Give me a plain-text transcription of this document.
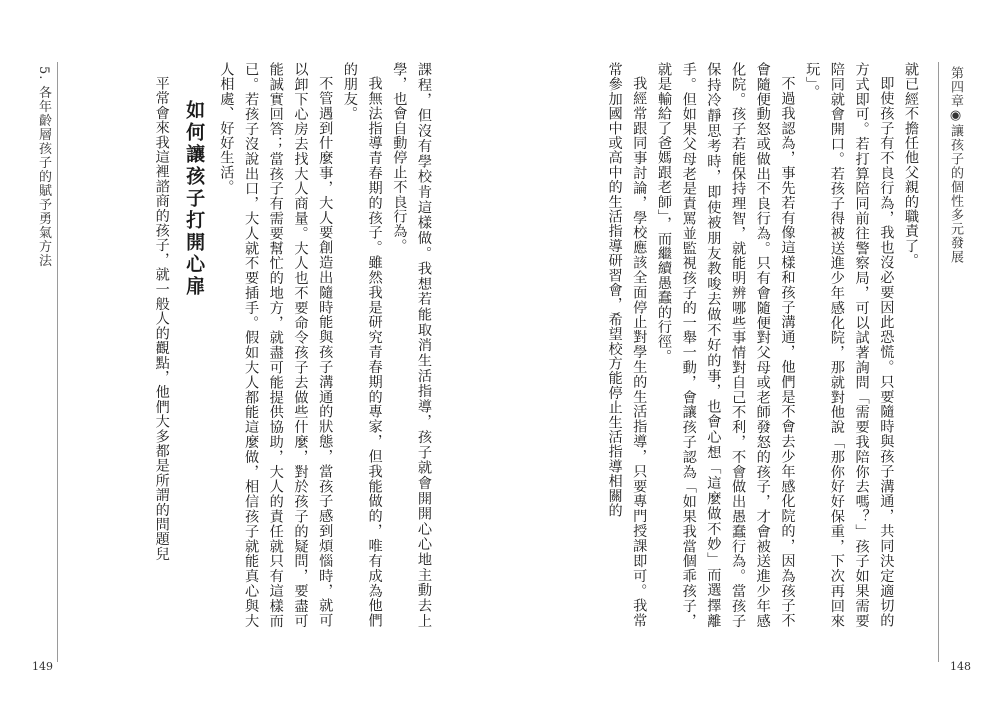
第四章◉讓孩子的個性多元發展
148

就已經不擔任他父親的職責了。

即使孩子有不良行為，我也沒必要因此恐慌。只要隨時與孩子溝通，共同決定適切的方式即可。若打算陪同前往警察局，可以試著詢問「需要我陪你去嗎？」孩子如果需要陪同就會開口。若孩子得被送進少年感化院，那就對他說「那你好好保重，下次再回來玩」。

不過我認為，事先若有像這樣和孩子溝通，他們是不會去少年感化院的，因為孩子不會隨便動怒或做出不良行為。只有會隨便對父母或老師發怒的孩子，才會被送進少年感化院。孩子若能保持理智，就能明辨哪些事情對自己不利，不會做出愚蠢行為。當孩子保持冷靜思考時，即使被朋友教唆去做不好的事，也會心想「這麼做不妙」而選擇離手。但如果父母老是責罵並監視孩子的一舉一動，會讓孩子認為「如果我當個乖孩子，就是輸給了爸媽跟老師」，而繼續愚蠢的行徑。

我經常跟同事討論，學校應該全面停止對學生的生活指導，只要專門授課即可。我常常參加國中或高中的生活指導研習會，希望校方能停止生活指導相關的

5. 各年齡層孩子的賦予勇氣方法
149

課程，但沒有學校肯這樣做。我想若能取消生活指導，孩子就會開開心心地主動去上學，也會自動停止不良行為。

我無法指導青春期的孩子。雖然我是研究青春期的專家，但我能做的，唯有成為他們的朋友。

不管遇到什麼事，大人要創造出隨時能與孩子溝通的狀態，當孩子感到煩惱時，就可以卸下心房去找大人商量。大人也不要命令孩子去做些什麼，對於孩子的疑問，要盡可能誠實回答；當孩子有需要幫忙的地方，就盡可能提供協助，大人的責任就只有這樣而已。若孩子沒說出口，大人就不要插手。假如大人都能這麼做，相信孩子就能真心與大人相處、好好生活。

如何讓孩子打開心扉

平常會來我這裡諮商的孩子，就一般人的觀點，他們大多都是所謂的問題兒
